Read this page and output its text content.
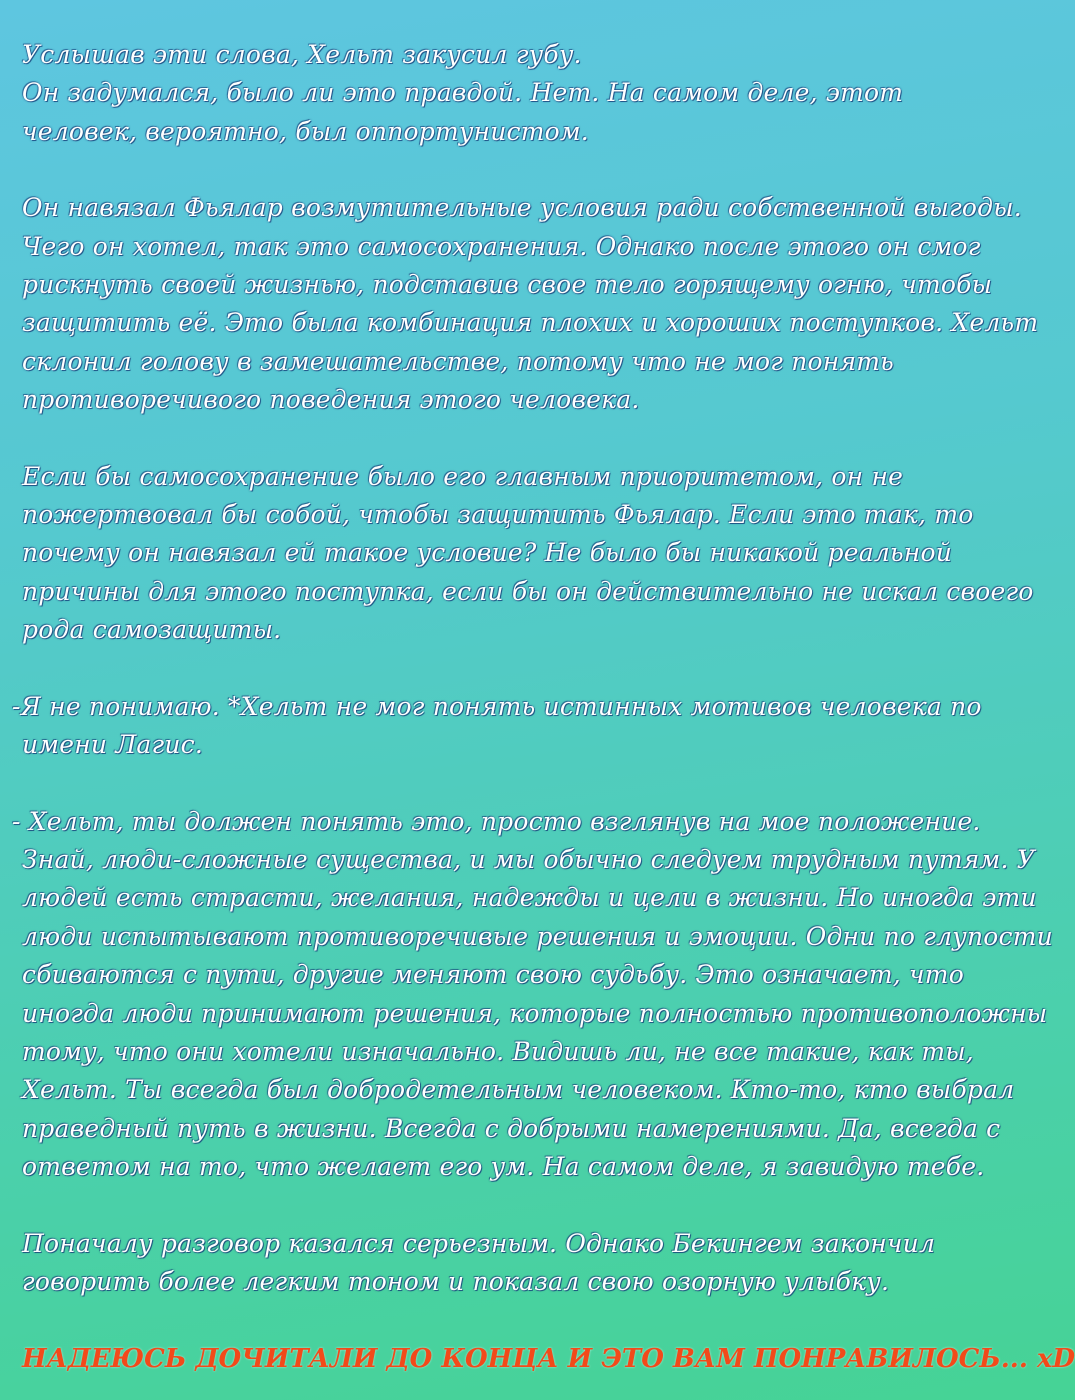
Услышав эти слова, Хельт закусил губу.
Он задумался, было ли это правдой. Нет. На самом деле, этот
человек, вероятно, был оппортунистом.
Он навязал Фьялар возмутительные условия ради собственной выгоды.
Чего он хотел, так это самосохранения. Однако после этого он смог
рискнуть своей жизнью, подставив свое тело горящему огню, чтобы
защитить её. Это была комбинация плохих и хороших поступков. Хельт
склонил голову в замешательстве, потому что не мог понять
противоречивого поведения этого человека.
Если бы самосохранение было его главным приоритетом, он не
пожертвовал бы собой, чтобы защитить Фьялар. Если это так, то
почему он навязал ей такое условие? Не было бы никакой реальной
причины для этого поступка, если бы он действительно не искал своего
рода самозащиты.
-Я не понимаю. *Хельт не мог понять истинных мотивов человека по
имени Лагис.
- Хельт, ты должен понять это, просто взглянув на мое положение.
Знай, люди-сложные существа, и мы обычно следуем трудным путям. У
людей есть страсти, желания, надежды и цели в жизни. Но иногда эти
люди испытывают противоречивые решения и эмоции. Одни по глупости
сбиваются с пути, другие меняют свою судьбу. Это означает, что
иногда люди принимают решения, которые полностью противоположны
тому, что они хотели изначально. Видишь ли, не все такие, как ты,
Хельт. Ты всегда был добродетельным человеком. Кто-то, кто выбрал
праведный путь в жизни. Всегда с добрыми намерениями. Да, всегда с
ответом на то, что желает его ум. На самом деле, я завидую тебе.
Поначалу разговор казался серьезным. Однако Бекингем закончил
говорить более легким тоном и показал свою озорную улыбку.
НАДЕЮСЬ ДОЧИТАЛИ ДО КОНЦА И ЭТО ВАМ ПОНРАВИЛОСЬ... xD
